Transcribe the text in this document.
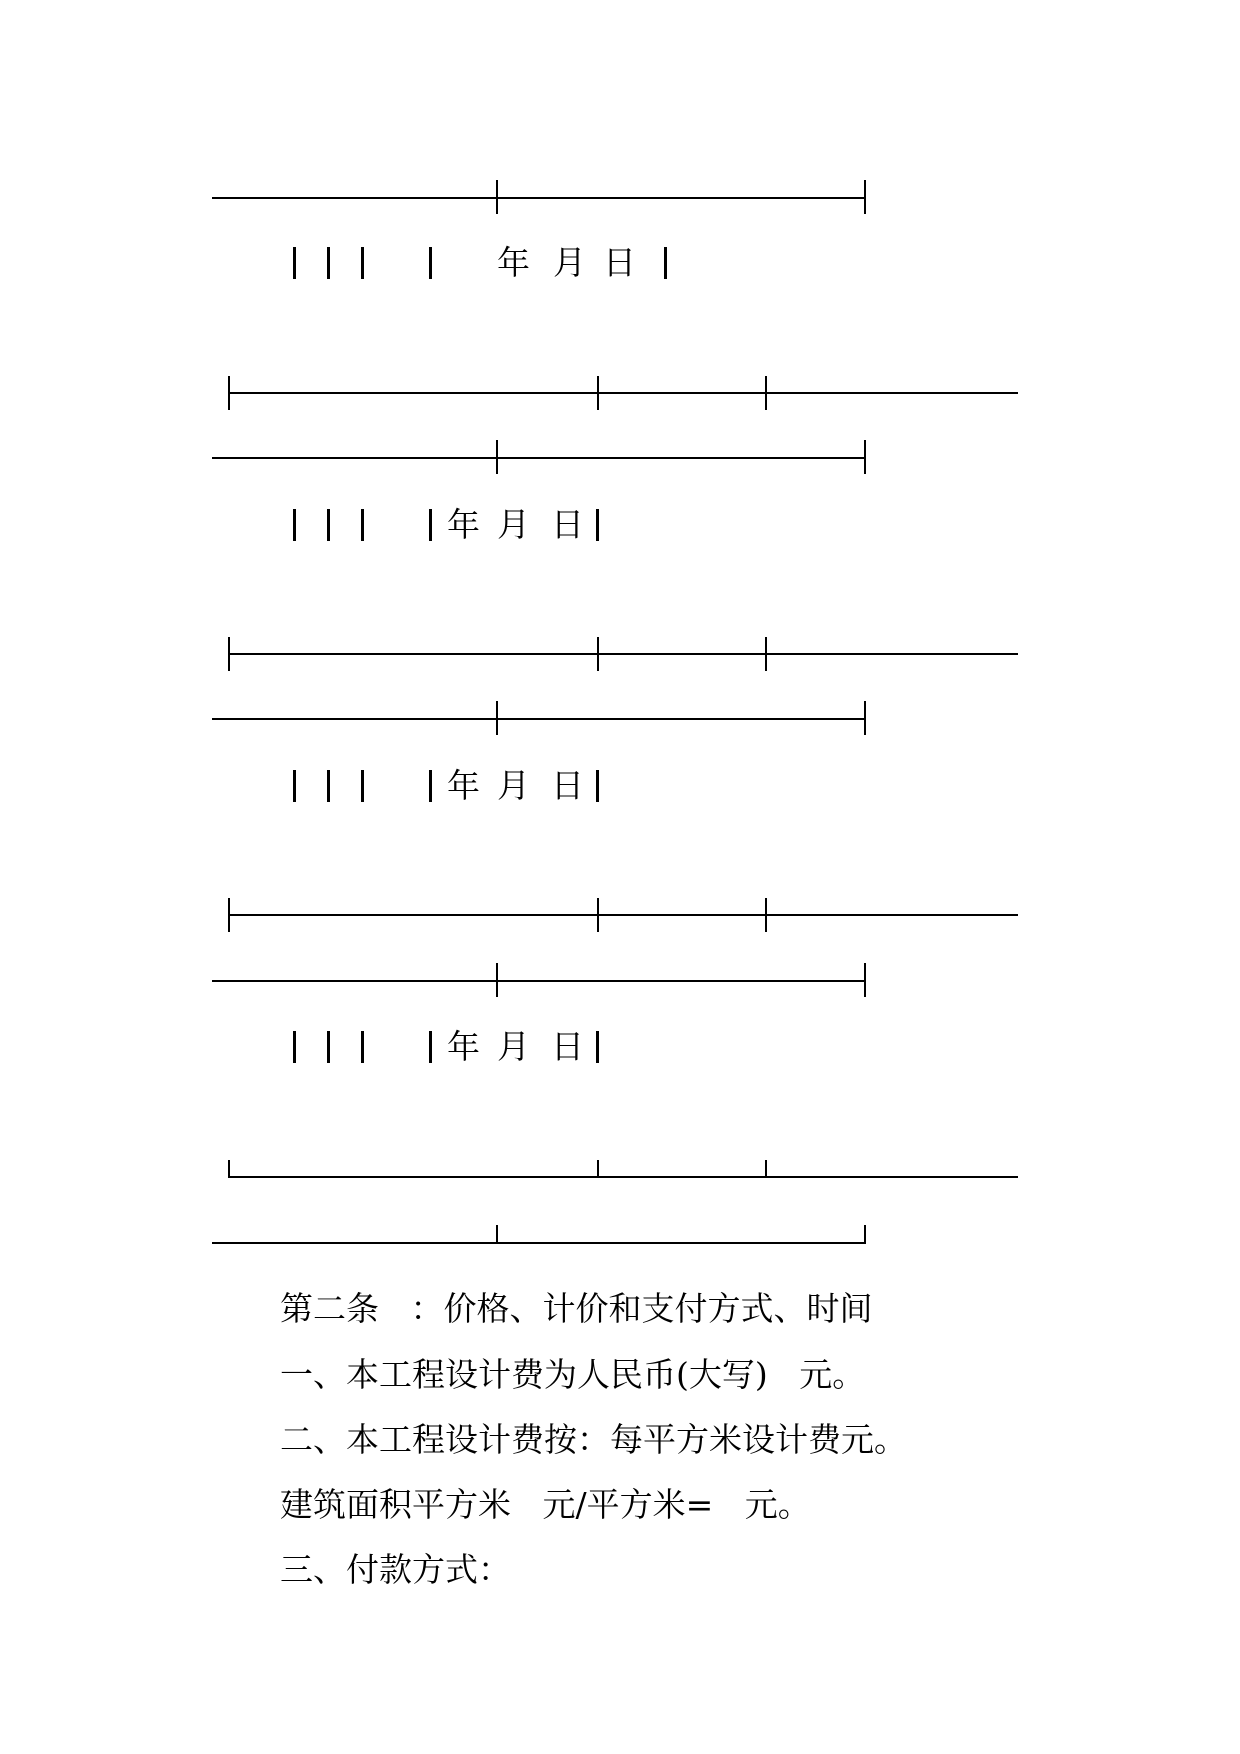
年 月 日
年 月 日
年 月 日
年 月 日
第二条   ：价格、计价和支付方式、时间
一、本工程设计费为人民币(大写)   元。
二、本工程设计费按：每平方米设计费元。
建筑面积平方米   元/平方米=   元。
三、付款方式：
